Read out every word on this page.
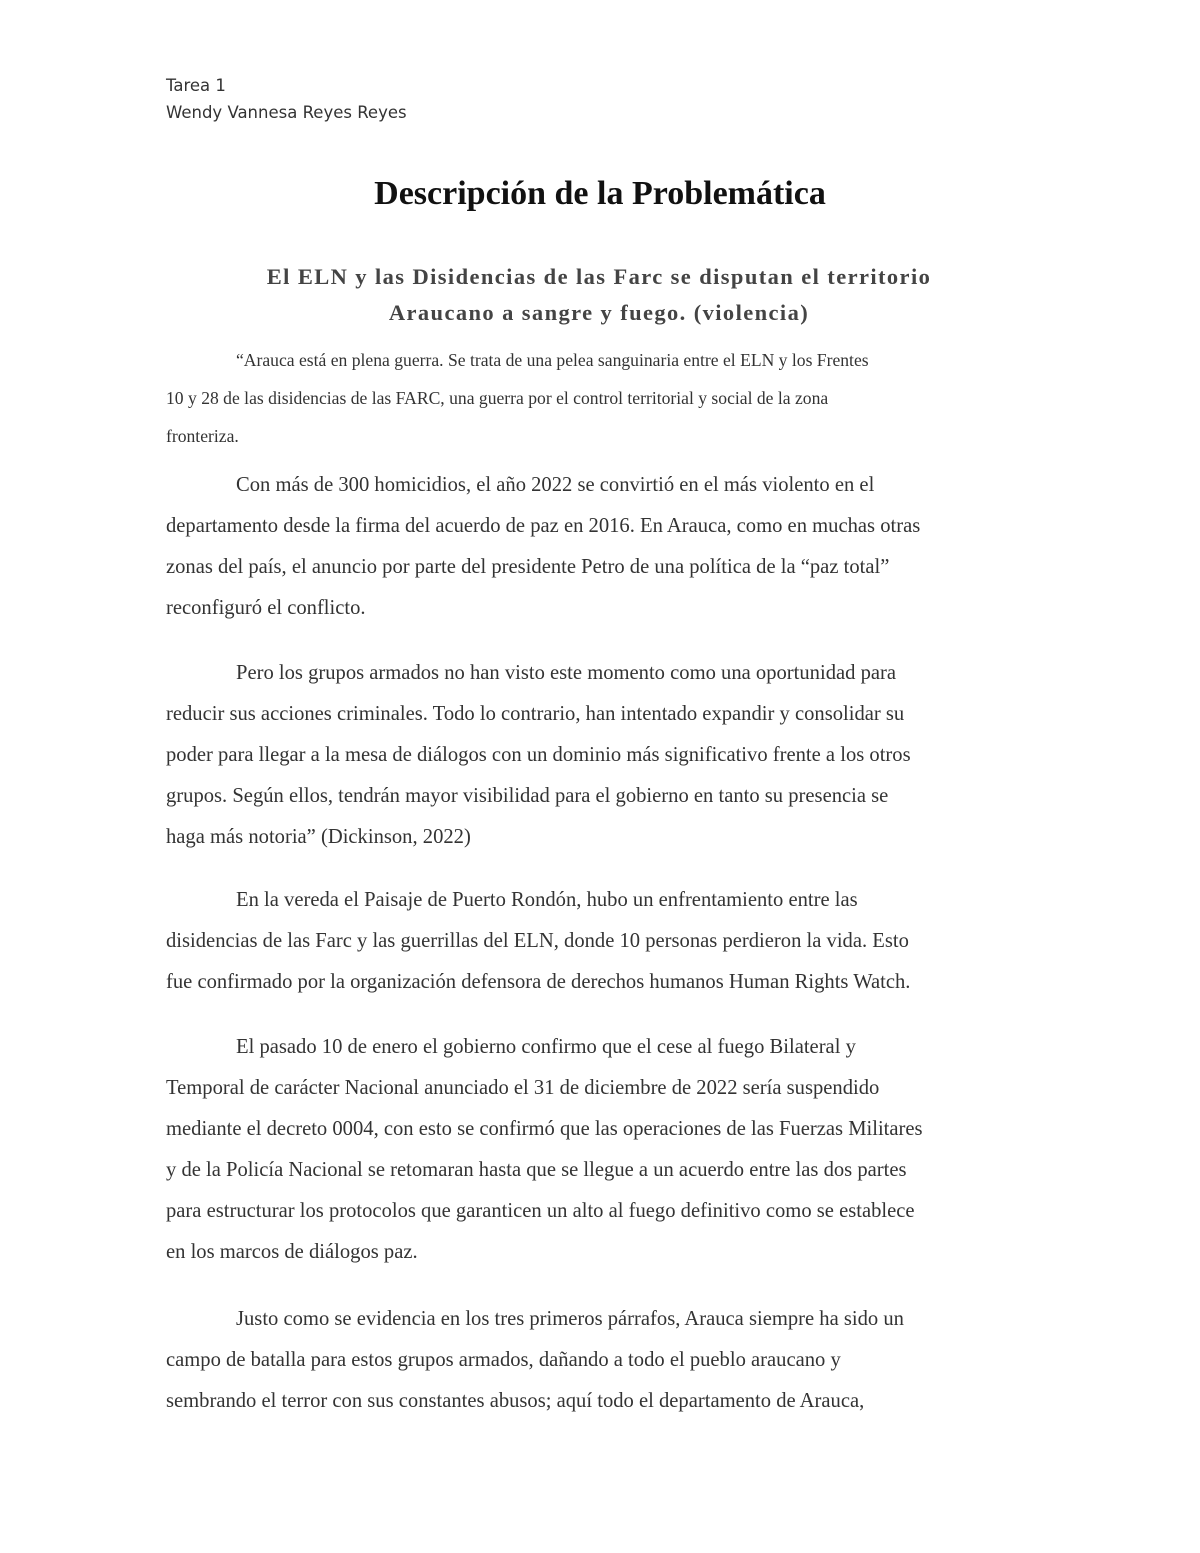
Tarea 1
Wendy Vannesa Reyes Reyes
Descripción de la Problemática
El ELN y las Disidencias de las Farc se disputan el territorio
Araucano a sangre y fuego. (violencia)
“Arauca está en plena guerra. Se trata de una pelea sanguinaria entre el ELN y los Frentes
10 y 28 de las disidencias de las FARC, una guerra por el control territorial y social de la zona
fronteriza.
Con más de 300 homicidios, el año 2022 se convirtió en el más violento en el
departamento desde la firma del acuerdo de paz en 2016. En Arauca, como en muchas otras
zonas del país, el anuncio por parte del presidente Petro de una política de la “paz total”
reconfiguró el conflicto.
Pero los grupos armados no han visto este momento como una oportunidad para
reducir sus acciones criminales. Todo lo contrario, han intentado expandir y consolidar su
poder para llegar a la mesa de diálogos con un dominio más significativo frente a los otros
grupos. Según ellos, tendrán mayor visibilidad para el gobierno en tanto su presencia se
haga más notoria” (Dickinson, 2022)
En la vereda el Paisaje de Puerto Rondón, hubo un enfrentamiento entre las
disidencias de las Farc y las guerrillas del ELN, donde 10 personas perdieron la vida. Esto
fue confirmado por la organización defensora de derechos humanos Human Rights Watch.
El pasado 10 de enero el gobierno confirmo que el cese al fuego Bilateral y
Temporal de carácter Nacional anunciado el 31 de diciembre de 2022 sería suspendido
mediante el decreto 0004, con esto se confirmó que las operaciones de las Fuerzas Militares
y de la Policía Nacional se retomaran hasta que se llegue a un acuerdo entre las dos partes
para estructurar los protocolos que garanticen un alto al fuego definitivo como se establece
en los marcos de diálogos paz.
Justo como se evidencia en los tres primeros párrafos, Arauca siempre ha sido un
campo de batalla para estos grupos armados, dañando a todo el pueblo araucano y
sembrando el terror con sus constantes abusos; aquí todo el departamento de Arauca,
